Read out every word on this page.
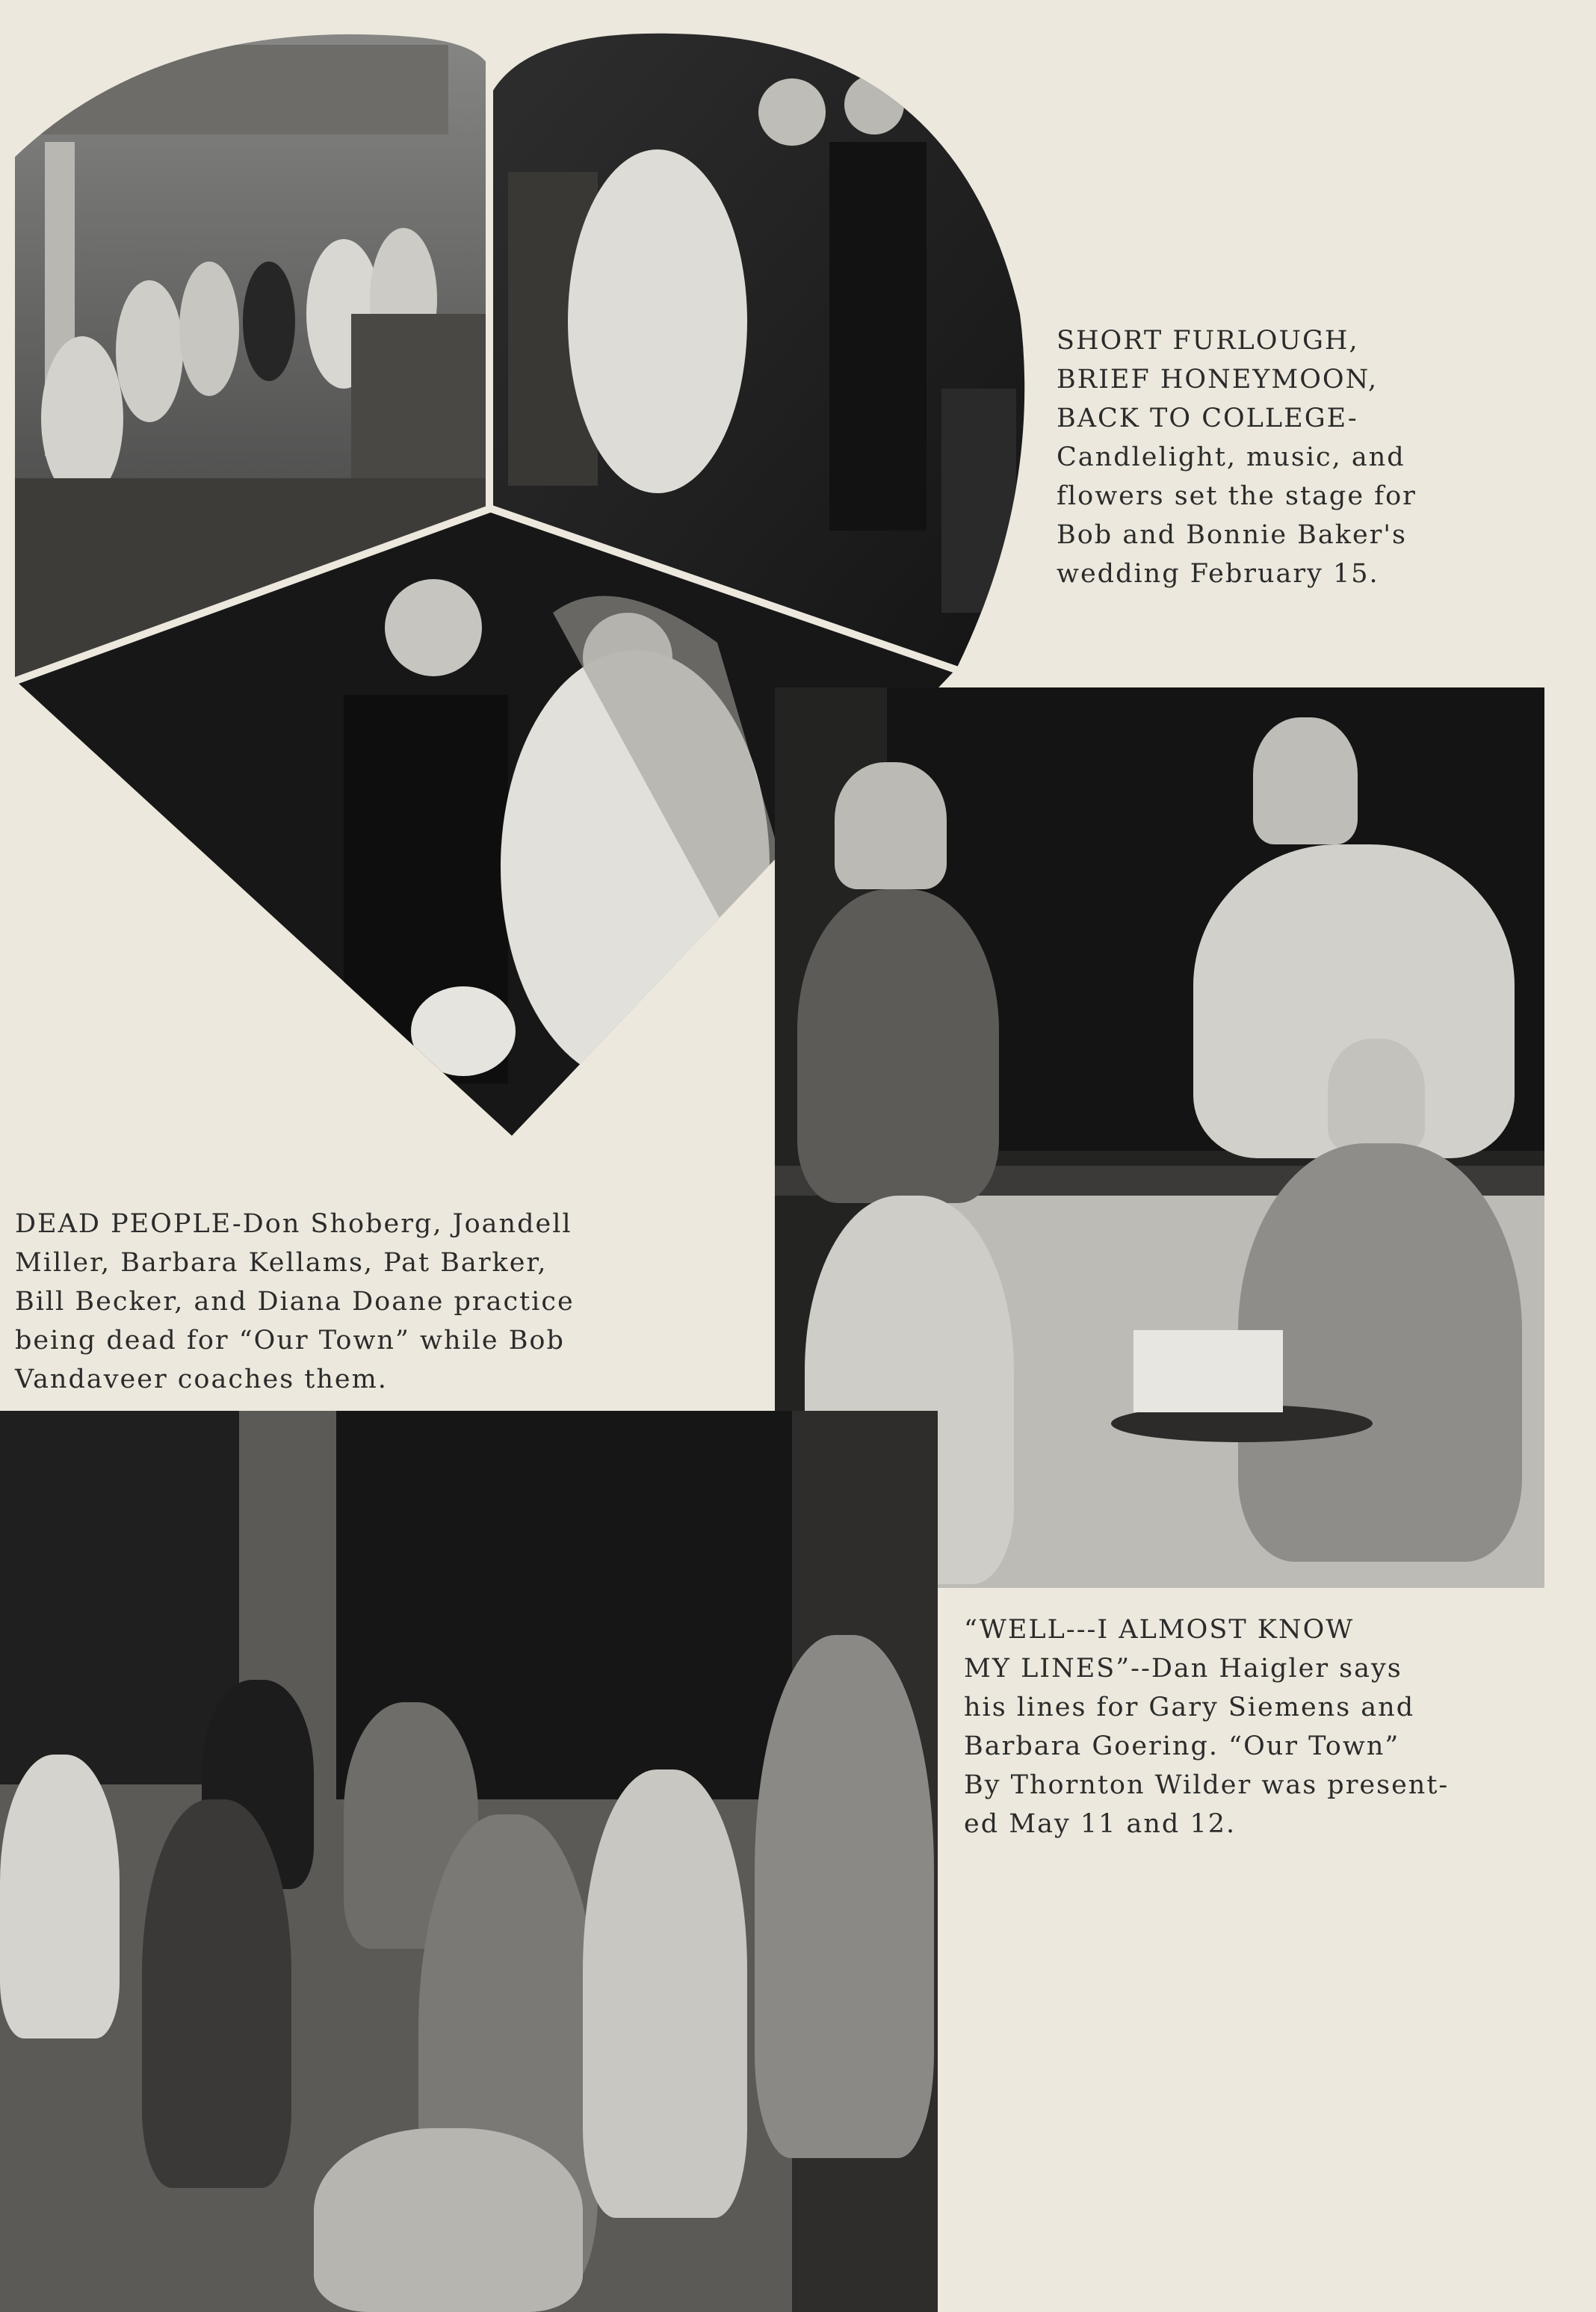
SHORT FURLOUGH,
BRIEF HONEYMOON,
BACK TO COLLEGE-
Candlelight, music, and
flowers set the stage for
Bob and Bonnie Baker's
wedding February 15.
DEAD PEOPLE-Don Shoberg, Joandell
Miller, Barbara Kellams, Pat Barker,
Bill Becker, and Diana Doane practice
being dead for “Our Town” while Bob
Vandaveer coaches them.
“WELL---I ALMOST KNOW
MY LINES”--Dan Haigler says
his lines for Gary Siemens and
Barbara Goering. “Our Town”
By Thornton Wilder was present-
ed May 11 and 12.
